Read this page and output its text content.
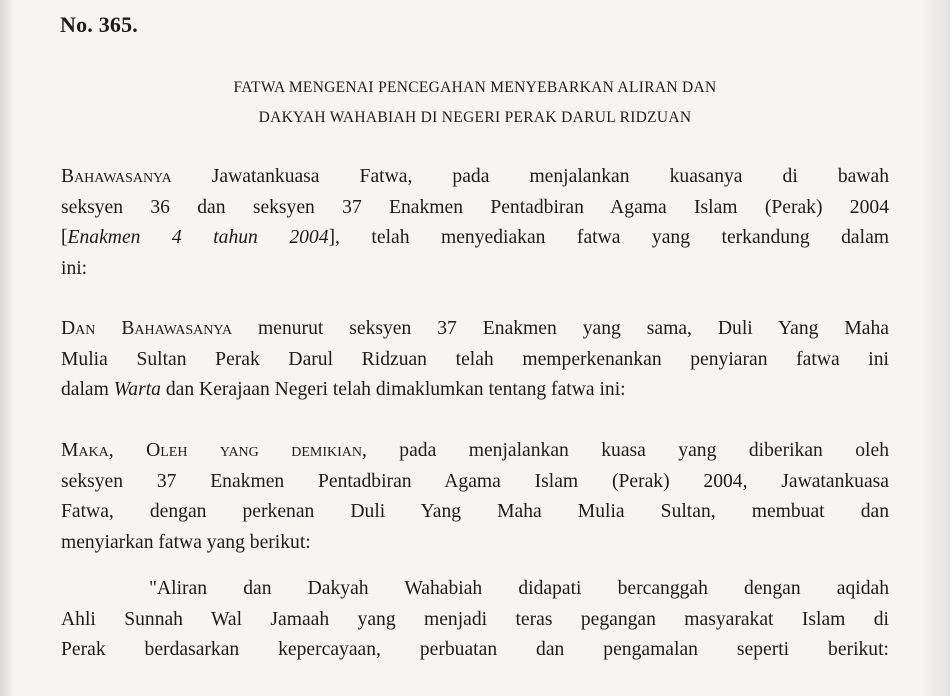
No. 365.
FATWA MENGENAI PENCEGAHAN MENYEBARKAN ALIRAN DAN
DAKYAH WAHABIAH DI NEGERI PERAK DARUL RIDZUAN
Bahawasanya Jawatankuasa Fatwa, pada menjalankan kuasanya di bawah
seksyen 36 dan seksyen 37 Enakmen Pentadbiran Agama Islam (Perak) 2004
[Enakmen 4 tahun 2004], telah menyediakan fatwa yang terkandung dalam
ini:
Dan Bahawasanya menurut seksyen 37 Enakmen yang sama, Duli Yang Maha
Mulia Sultan Perak Darul Ridzuan telah memperkenankan penyiaran fatwa ini
dalam Warta dan Kerajaan Negeri telah dimaklumkan tentang fatwa ini:
Maka, Oleh yang demikian, pada menjalankan kuasa yang diberikan oleh
seksyen 37 Enakmen Pentadbiran Agama Islam (Perak) 2004, Jawatankuasa
Fatwa, dengan perkenan Duli Yang Maha Mulia Sultan, membuat dan
menyiarkan fatwa yang berikut:
"Aliran dan Dakyah Wahabiah didapati bercanggah dengan aqidah
Ahli Sunnah Wal Jamaah yang menjadi teras pegangan masyarakat Islam di
Perak berdasarkan kepercayaan, perbuatan dan pengamalan seperti berikut:
